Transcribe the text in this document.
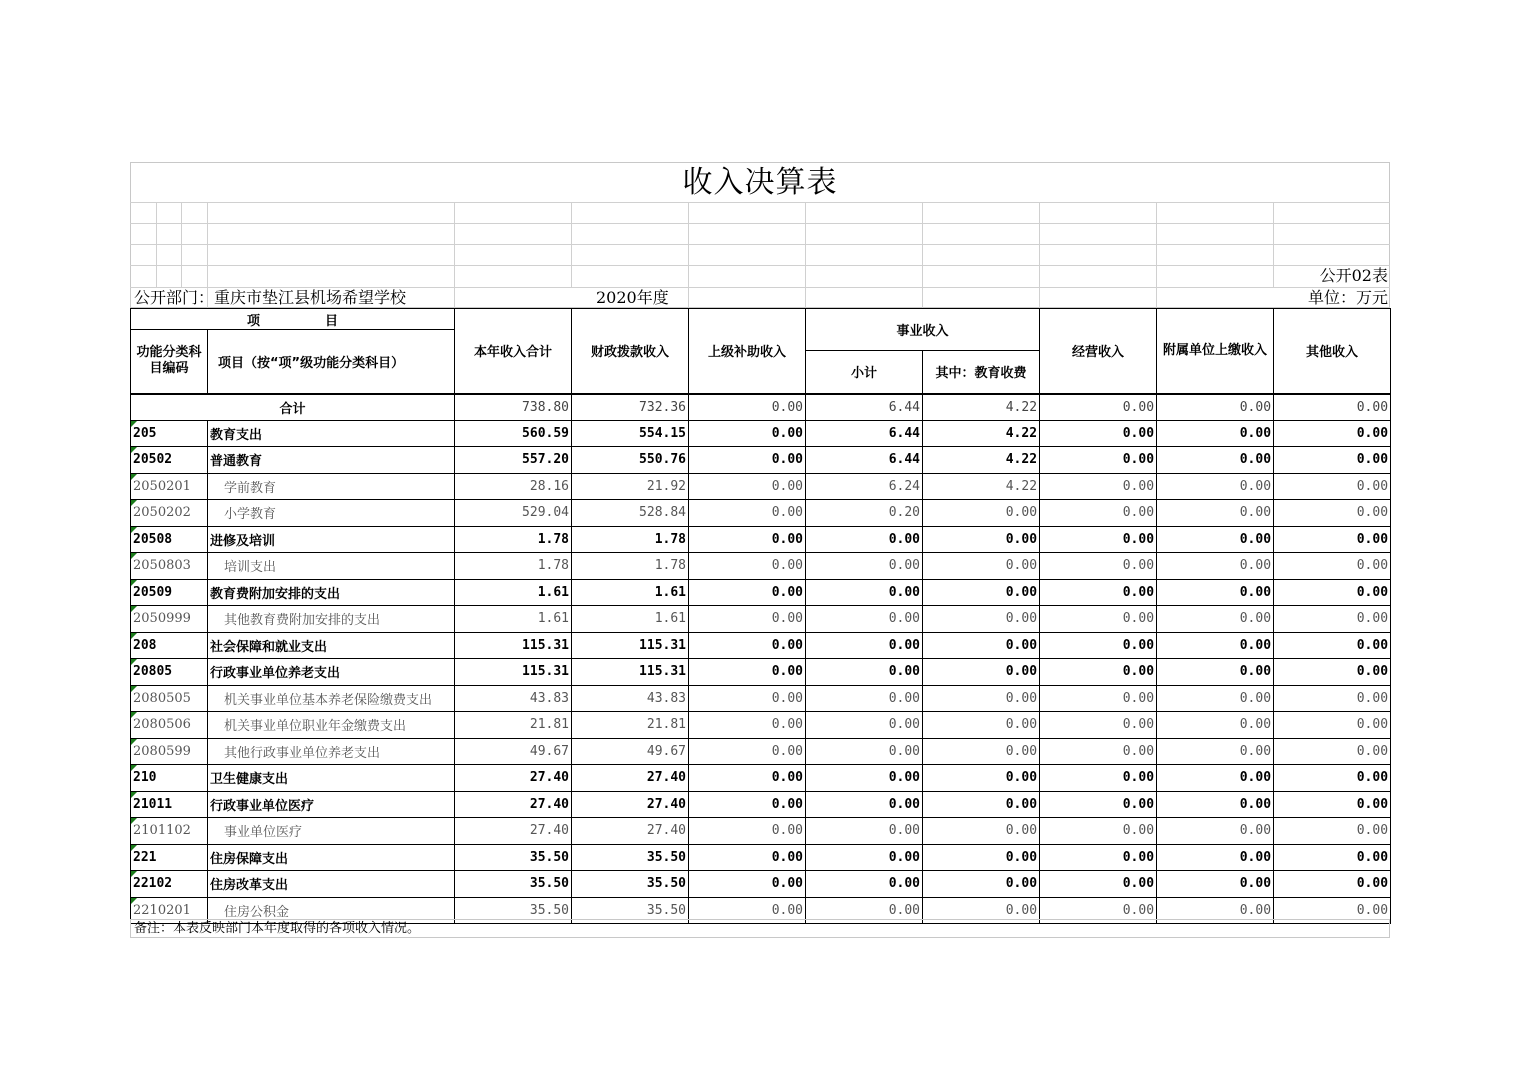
收入决算表
公开02表
公开部门：重庆市垫江县机场希望学校	2020年度	单位：万元
项　　　　　目		本年收入合计	财政拨款收入	上级补助收入	事业收入		经营收入	附属单位上缴收入	其他收入
功能分类科目编码	项目（按“项”级功能分类科目）								
					小计	其中：教育收费			
合计		738.80	732.36	0.00	6.44	4.22	0.00	0.00	0.00

205	教育支出	560.59	554.15	0.00	6.44	4.22	0.00	0.00	0.00

20502	普通教育	557.20	550.76	0.00	6.44	4.22	0.00	0.00	0.00

2050201	学前教育	28.16	21.92	0.00	6.24	4.22	0.00	0.00	0.00

2050202	小学教育	529.04	528.84	0.00	0.20	0.00	0.00	0.00	0.00

20508	进修及培训	1.78	1.78	0.00	0.00	0.00	0.00	0.00	0.00

2050803	培训支出	1.78	1.78	0.00	0.00	0.00	0.00	0.00	0.00

20509	教育费附加安排的支出	1.61	1.61	0.00	0.00	0.00	0.00	0.00	0.00

2050999	其他教育费附加安排的支出	1.61	1.61	0.00	0.00	0.00	0.00	0.00	0.00

208	社会保障和就业支出	115.31	115.31	0.00	0.00	0.00	0.00	0.00	0.00

20805	行政事业单位养老支出	115.31	115.31	0.00	0.00	0.00	0.00	0.00	0.00

2080505	机关事业单位基本养老保险缴费支出	43.83	43.83	0.00	0.00	0.00	0.00	0.00	0.00

2080506	机关事业单位职业年金缴费支出	21.81	21.81	0.00	0.00	0.00	0.00	0.00	0.00

2080599	其他行政事业单位养老支出	49.67	49.67	0.00	0.00	0.00	0.00	0.00	0.00

210	卫生健康支出	27.40	27.40	0.00	0.00	0.00	0.00	0.00	0.00

21011	行政事业单位医疗	27.40	27.40	0.00	0.00	0.00	0.00	0.00	0.00

2101102	事业单位医疗	27.40	27.40	0.00	0.00	0.00	0.00	0.00	0.00

221	住房保障支出	35.50	35.50	0.00	0.00	0.00	0.00	0.00	0.00

22102	住房改革支出	35.50	35.50	0.00	0.00	0.00	0.00	0.00	0.00

2210201	住房公积金	35.50	35.50	0.00	0.00	0.00	0.00	0.00	0.00
备注：本表反映部门本年度取得的各项收入情况。
